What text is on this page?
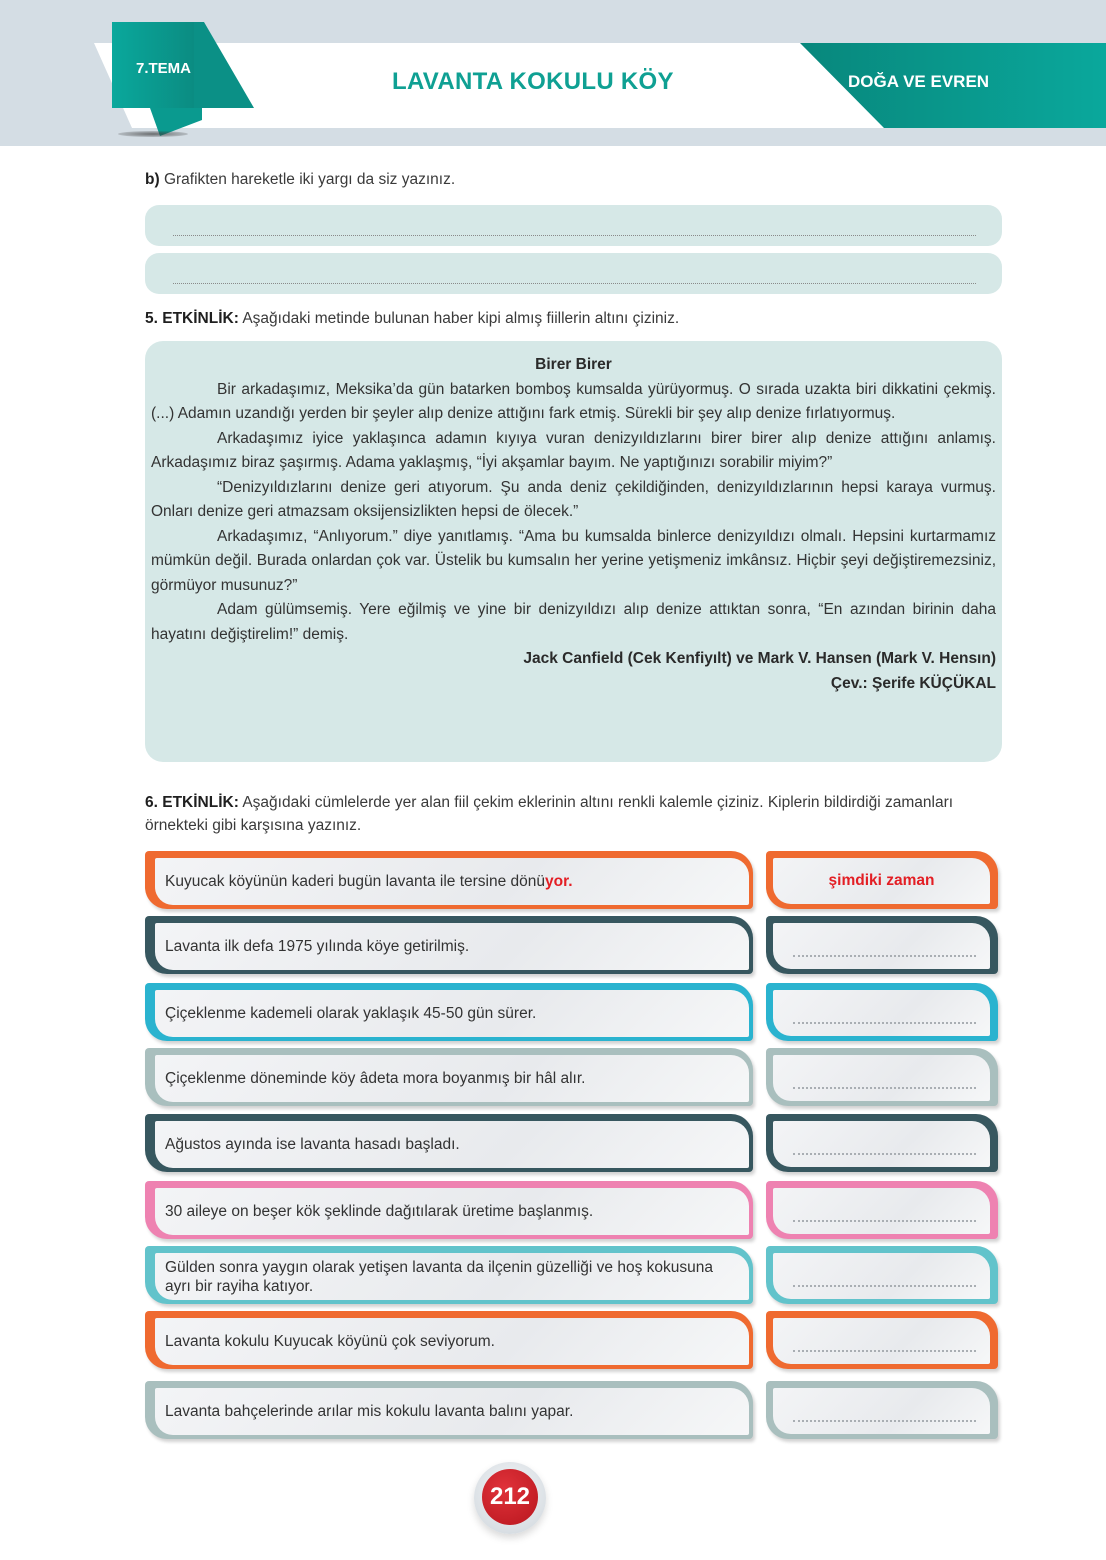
7.TEMA	LAVANTA KOKULU KÖY	DOĞA VE EVREN
b) Grafikten hareketle iki yargı da siz yazınız.
5. ETKİNLİK: Aşağıdaki metinde bulunan haber kipi almış fiillerin altını çiziniz.
Birer Birer

Bir arkadaşımız, Meksika’da gün batarken bomboş kumsalda yürüyormuş. O sırada uzakta biri dikkatini çekmiş. (...) Adamın uzandığı yerden bir şeyler alıp denize attığını fark etmiş. Sürekli bir şey alıp denize fırlatıyormuş.

Arkadaşımız iyice yaklaşınca adamın kıyıya vuran denizyıldızlarını birer birer alıp denize attığını anlamış. Arkadaşımız biraz şaşırmış. Adama yaklaşmış, “İyi akşamlar bayım. Ne yaptığınızı sorabilir miyim?”

“Denizyıldızlarını denize geri atıyorum. Şu anda deniz çekildiğinden, denizyıldızlarının hepsi karaya vurmuş. Onları denize geri atmazsam oksijensizlikten hepsi de ölecek.”

Arkadaşımız, “Anlıyorum.” diye yanıtlamış. “Ama bu kumsalda binlerce denizyıldızı olmalı. Hepsini kurtarmamız mümkün değil. Burada onlardan çok var. Üstelik bu kumsalın her yerine yetişmeniz imkânsız. Hiçbir şeyi değiştiremezsiniz, görmüyor musunuz?”

Adam gülümsemiş. Yere eğilmiş ve yine bir denizyıldızı alıp denize attıktan sonra, “En azından birinin daha hayatını değiştirelim!” demiş.

Jack Canfield (Cek Kenfiyılt) ve Mark V. Hansen (Mark V. Hensın)
Çev.: Şerife KÜÇÜKAL
6. ETKİNLİK: Aşağıdaki cümlelerde yer alan fiil çekim eklerinin altını renkli kalemle çiziniz. Kiplerin bildirdiği zamanları örnekteki gibi karşısına yazınız.
Kuyucak köyünün kaderi bugün lavanta ile tersine dönüyor.	şimdiki zaman
Lavanta ilk defa 1975 yılında köye getirilmiş.
Çiçeklenme kademeli olarak yaklaşık 45-50 gün sürer.
Çiçeklenme döneminde köy âdeta mora boyanmış bir hâl alır.
Ağustos ayında ise lavanta hasadı başladı.
30 aileye on beşer kök şeklinde dağıtılarak üretime başlanmış.
Gülden sonra yaygın olarak yetişen lavanta da ilçenin güzelliği ve hoş kokusuna ayrı bir rayiha katıyor.
Lavanta kokulu Kuyucak köyünü çok seviyorum.
Lavanta bahçelerinde arılar mis kokulu lavanta balını yapar.
212
